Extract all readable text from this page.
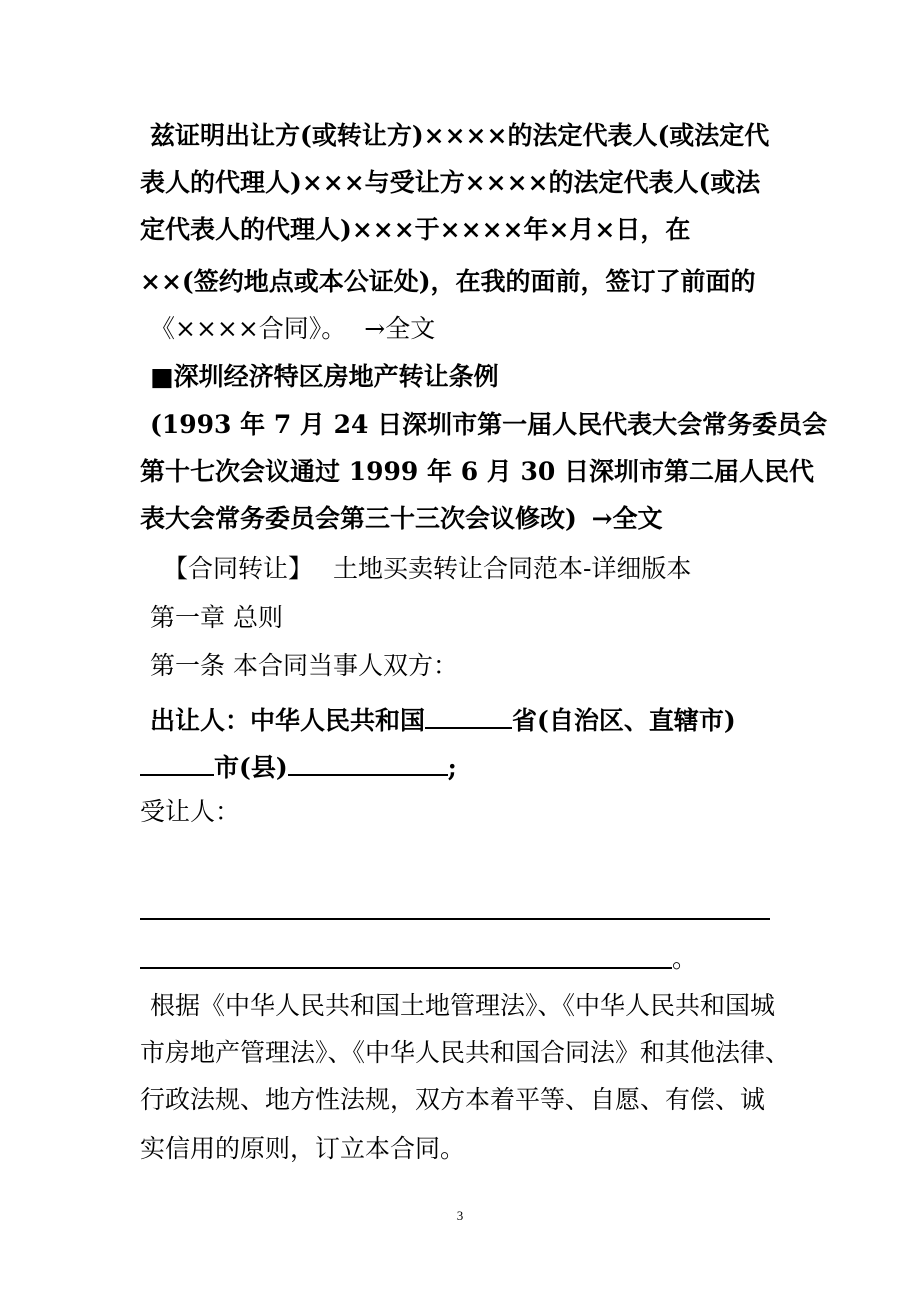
兹证明出让方(或转让方)××××的法定代表人(或法定代
表人的代理人)×××与受让方××××的法定代表人(或法
定代表人的代理人)×××于××××年×月×日，在
××(签约地点或本公证处)，在我的面前，签订了前面的
《××××合同》。 →全文
■深圳经济特区房地产转让条例
(1993 年 7 月 24 日深圳市第一届人民代表大会常务委员会
第十七次会议通过 1999 年 6 月 30 日深圳市第二届人民代
表大会常务委员会第三十三次会议修改) →全文
【合同转让】 土地买卖转让合同范本-详细版本
第一章 总则
第一条 本合同当事人双方：
出让人：中华人民共和国	省(自治区、直辖市)
市(县)	;
受让人：
。
根据《中华人民共和国土地管理法》、《中华人民共和国城
市房地产管理法》、《中华人民共和国合同法》和其他法律、
行政法规、地方性法规，双方本着平等、自愿、有偿、诚
实信用的原则，订立本合同。
3
